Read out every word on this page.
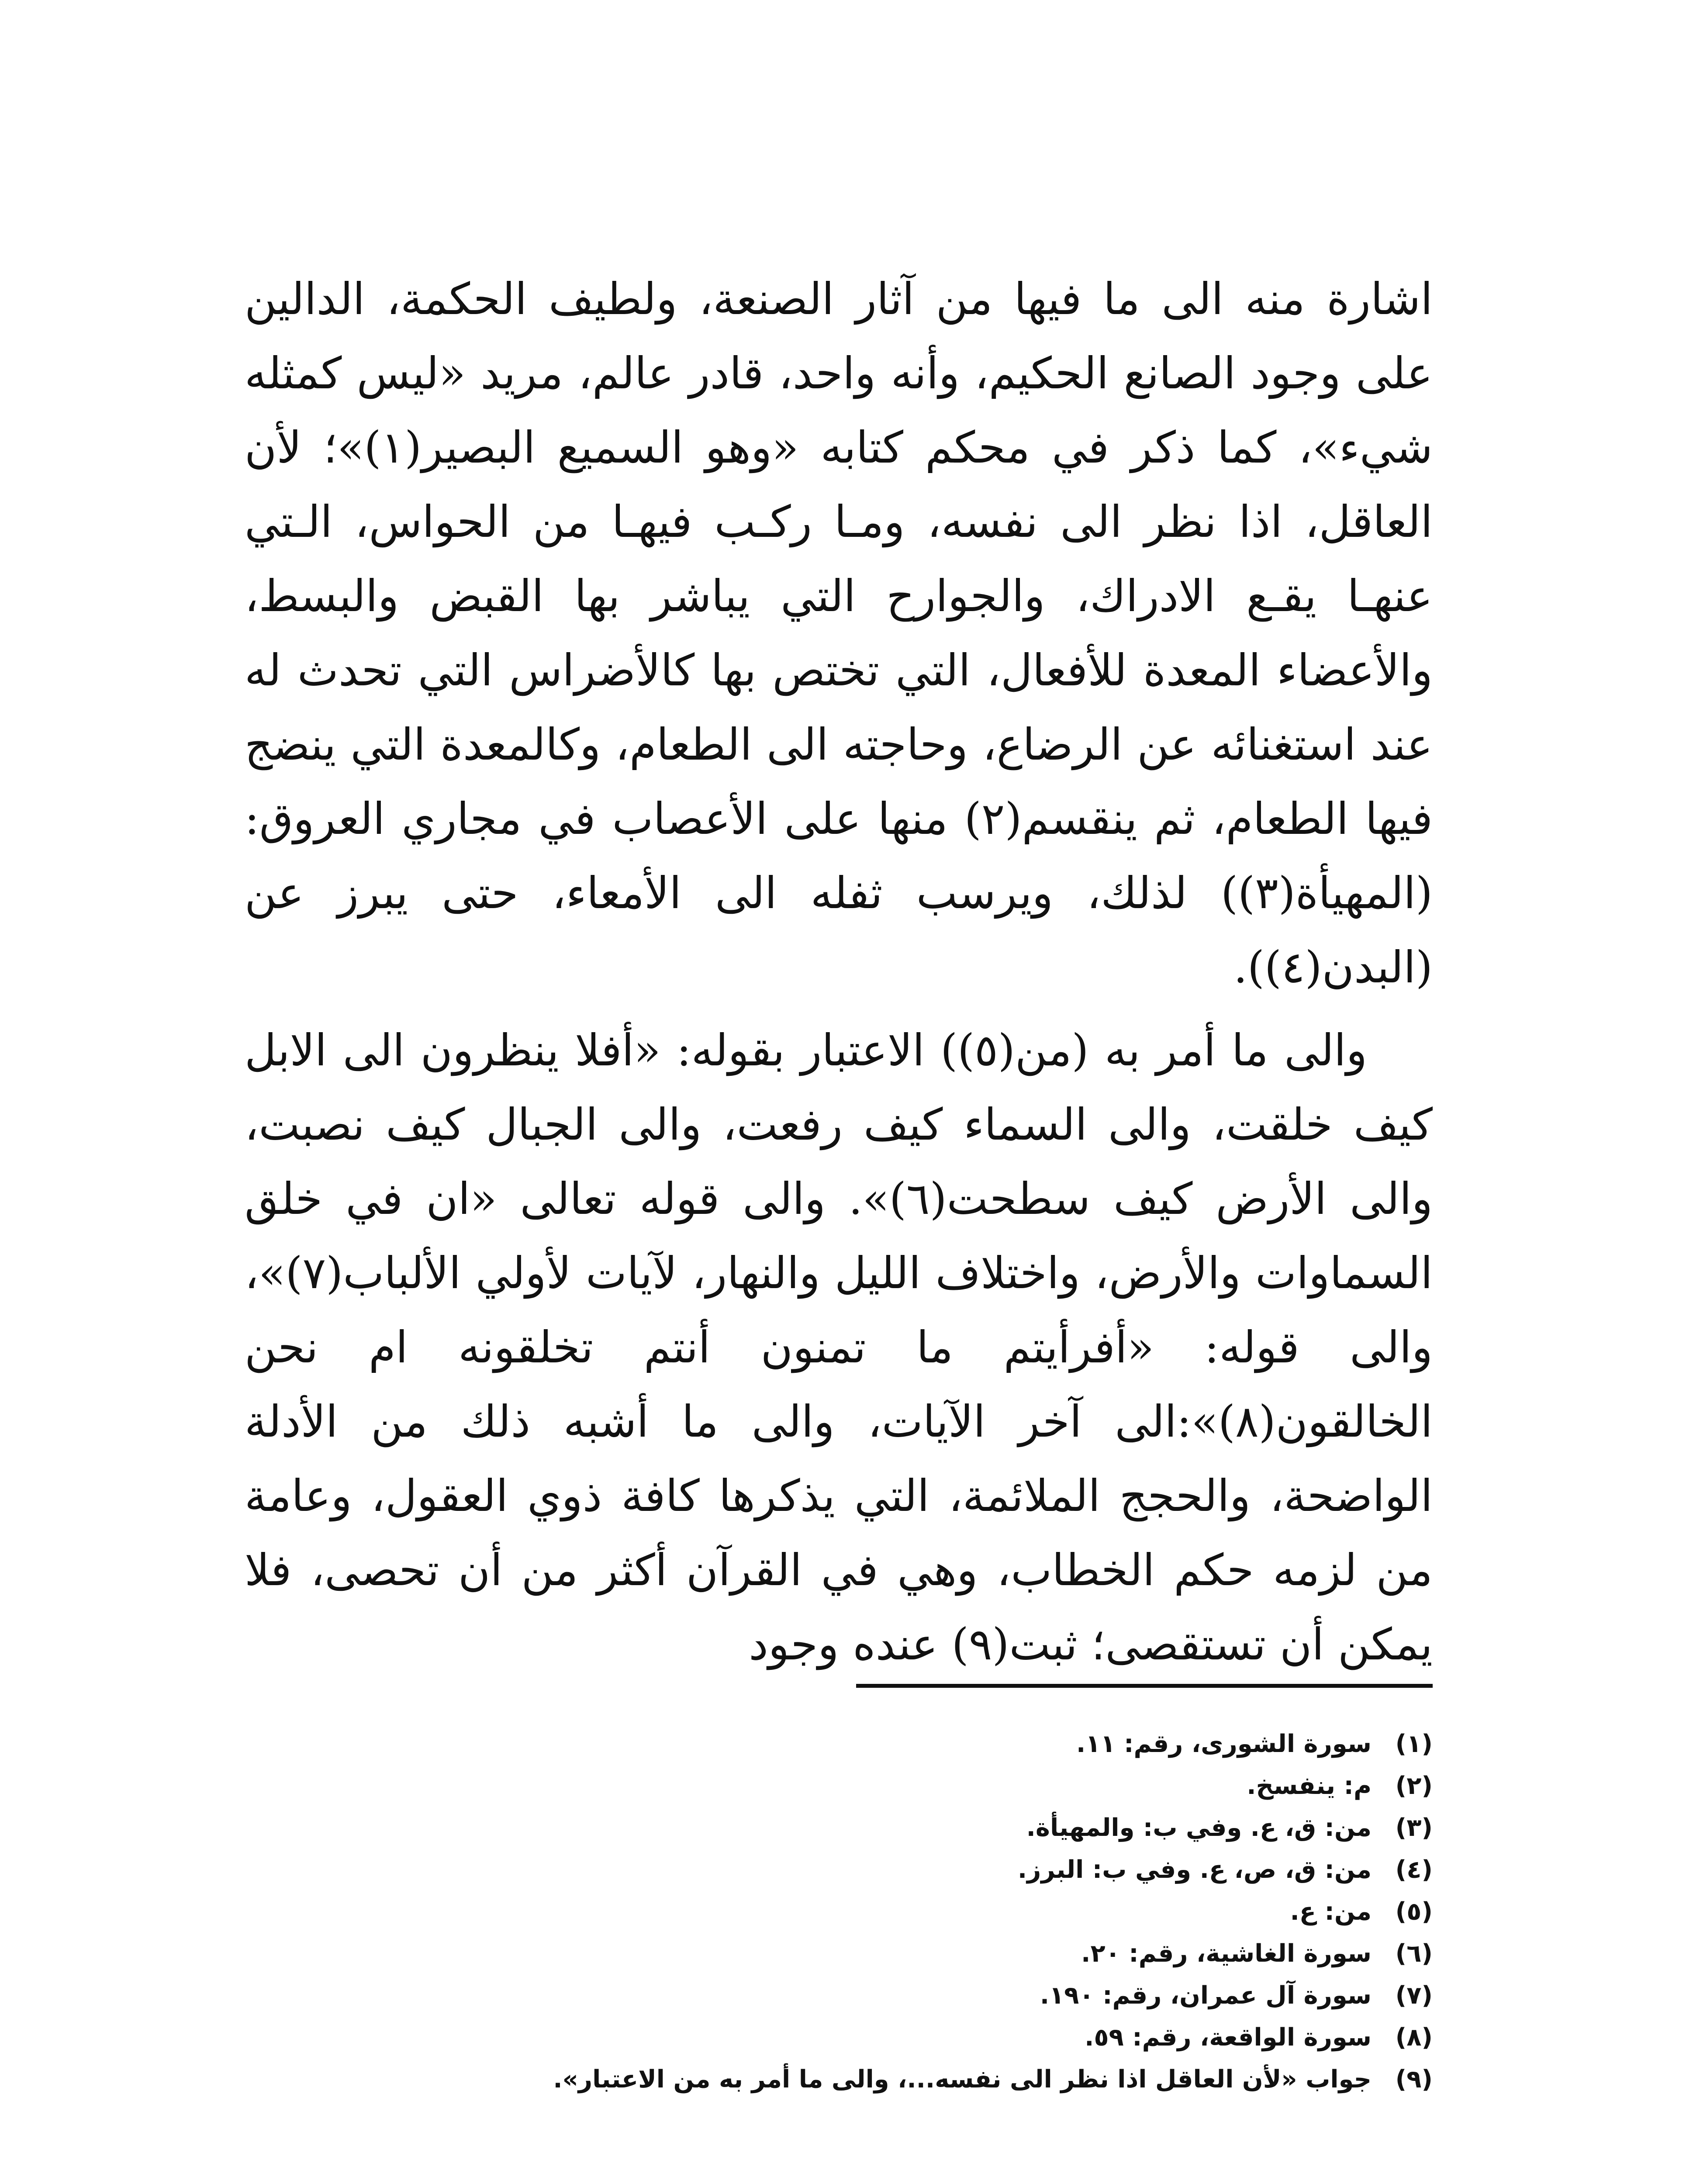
اشارة منه الى ما فيها من آثار الصنعة، ولطيف الحكمة، الدالين على وجود الصانع الحكيم، وأنه واحد، قادر عالم، مريد «ليس كمثله شيء»، كما ذكر في محكم كتابه «وهو السميع البصير(١)»؛ لأن العاقل، اذا نظر الى نفسه، ومـا ركـب فيهـا من الحواس، الـتي عنهـا يقـع الادراك، والجوارح التي يباشر بها القبض والبسط، والأعضاء المعدة للأفعال، التي تختص بها كالأضراس التي تحدث له عند استغنائه عن الرضاع، وحاجته الى الطعام، وكالمعدة التي ينضج فيها الطعام، ثم ينقسم(٢) منها على الأعصاب في مجاري العروق: (المهيأة(٣)) لذلك، ويرسب ثفله الى الأمعاء، حتى يبرز عن (البدن(٤)).

والى ما أمر به (من(٥)) الاعتبار بقوله: «أفلا ينظرون الى الابل كيف خلقت، والى السماء كيف رفعت، والى الجبال كيف نصبت، والى الأرض كيف سطحت(٦)». والى قوله تعالى «ان في خلق السماوات والأرض، واختلاف الليل والنهار، لآيات لأولي الألباب(٧)»، والى قوله: «أفرأيتم ما تمنون أنتم تخلقونه ام نحن الخالقون(٨)»:الى آخر الآيات، والى ما أشبه ذلك من الأدلة الواضحة، والحجج الملائمة، التي يذكرها كافة ذوي العقول، وعامة من لزمه حكم الخطاب، وهي في القرآن أكثر من أن تحصى، فلا يمكن أن تستقصى؛ ثبت(٩) عنده وجود

(١)
سورة الشورى، رقم: ١١.
(٢)
م: ينفسخ.
(٣)
من: ق، ع. وفي ب: والمهيأة.
(٤)
من: ق، ص، ع. وفي ب: البرز.
(٥)
من: ع.
(٦)
سورة الغاشية، رقم: ٢٠.
(٧)
سورة آل عمران، رقم: ١٩٠.
(٨)
سورة الواقعة، رقم: ٥٩.
(٩)
جواب «لأن العاقل اذا نظر الى نفسه...، والى ما أمر به من الاعتبار».
